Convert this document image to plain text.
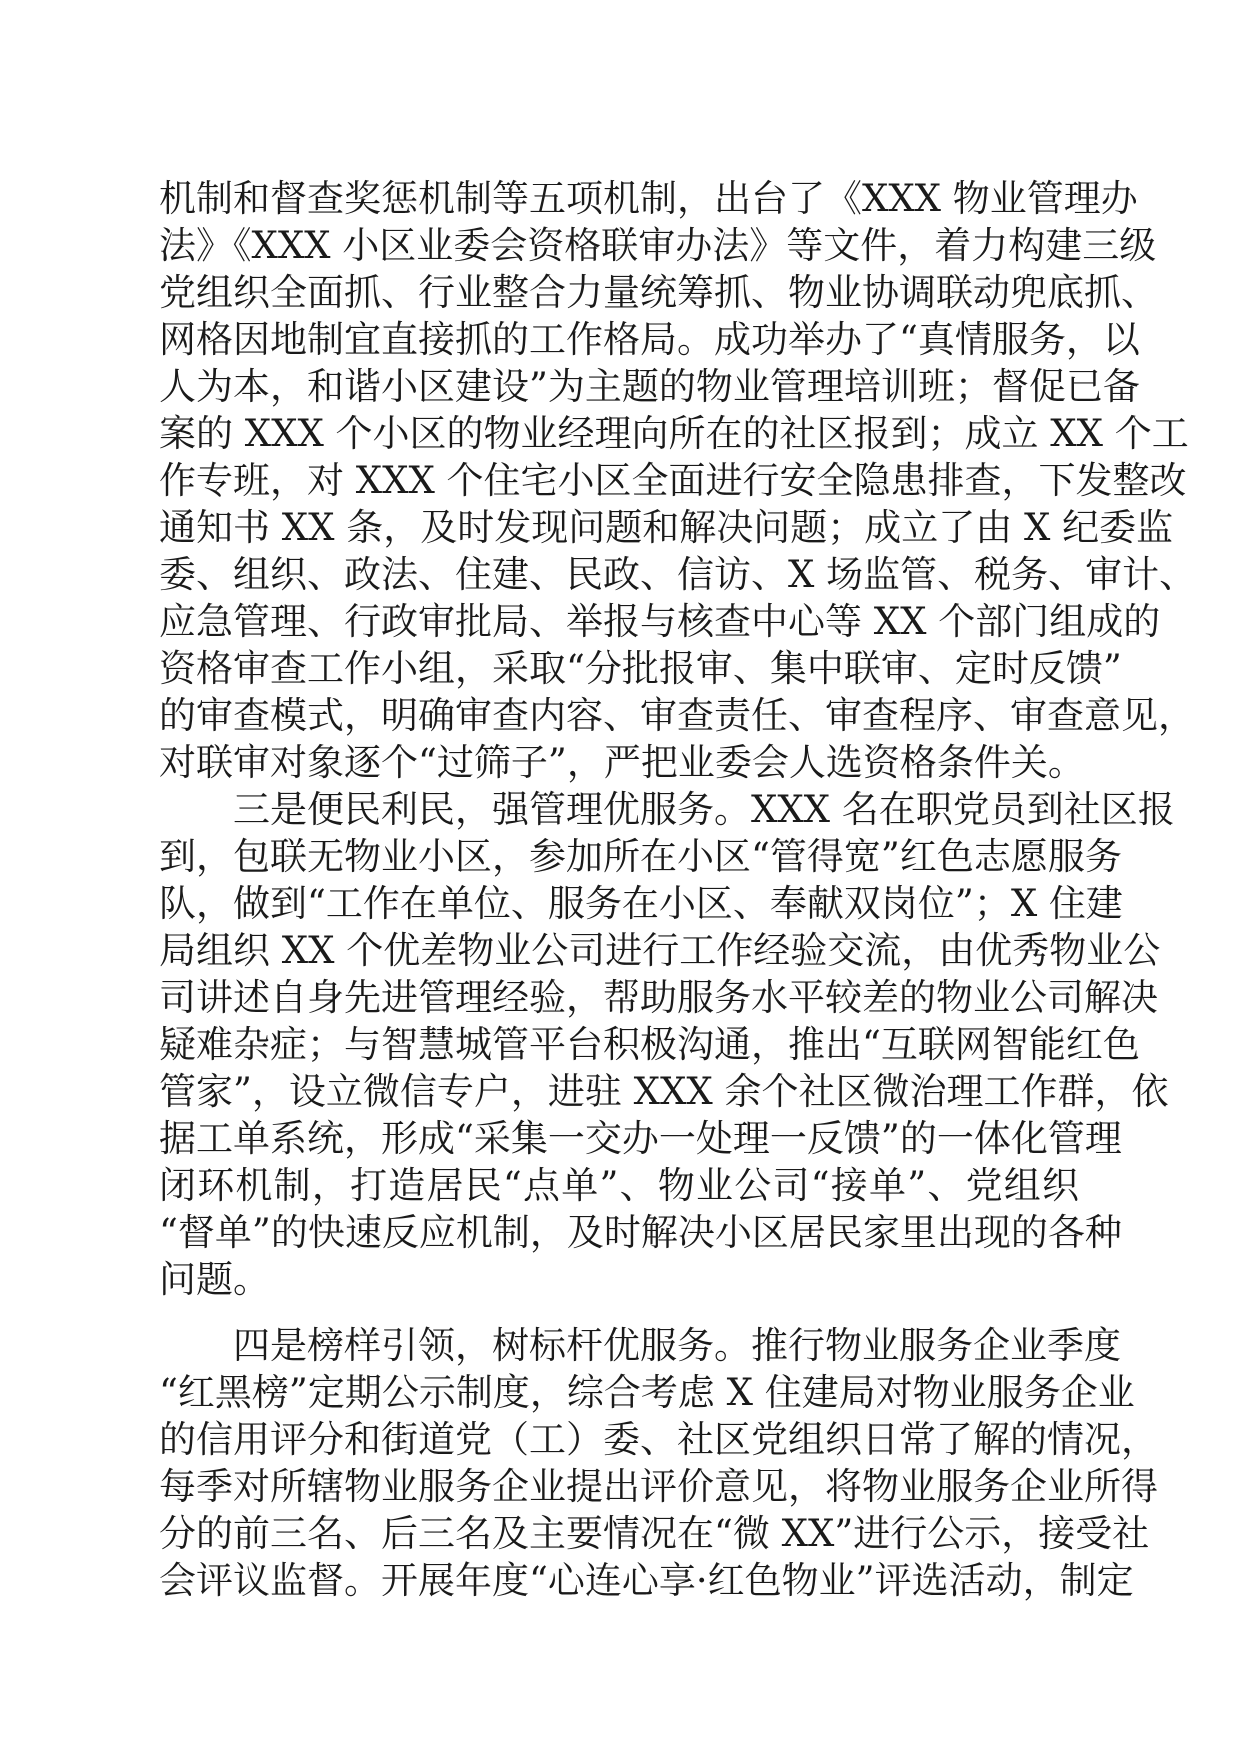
机制和督查奖惩机制等五项机制，出台了《XXX 物业管理办
法》《XXX 小区业委会资格联审办法》等文件，着力构建三级
党组织全面抓、行业整合力量统筹抓、物业协调联动兜底抓、
网格因地制宜直接抓的工作格局。成功举办了“真情服务，以
人为本，和谐小区建设”为主题的物业管理培训班；督促已备
案的 XXX 个小区的物业经理向所在的社区报到；成立 XX 个工
作专班，对 XXX 个住宅小区全面进行安全隐患排查，下发整改
通知书 XX 条，及时发现问题和解决问题；成立了由 X 纪委监
委、组织、政法、住建、民政、信访、X 场监管、税务、审计、
应急管理、行政审批局、举报与核查中心等 XX 个部门组成的
资格审查工作小组，采取“分批报审、集中联审、定时反馈”
的审查模式，明确审查内容、审查责任、审查程序、审查意见，
对联审对象逐个“过筛子”，严把业委会人选资格条件关。
　　三是便民利民，强管理优服务。XXX 名在职党员到社区报
到，包联无物业小区，参加所在小区“管得宽”红色志愿服务
队，做到“工作在单位、服务在小区、奉献双岗位”；X 住建
局组织 XX 个优差物业公司进行工作经验交流，由优秀物业公
司讲述自身先进管理经验，帮助服务水平较差的物业公司解决
疑难杂症；与智慧城管平台积极沟通，推出“互联网智能红色
管家”，设立微信专户，进驻 XXX 余个社区微治理工作群，依
据工单系统，形成“采集一交办一处理一反馈”的一体化管理
闭环机制，打造居民“点单”、物业公司“接单”、党组织
“督单”的快速反应机制，及时解决小区居民家里出现的各种
问题。
　　四是榜样引领，树标杆优服务。推行物业服务企业季度
“红黑榜”定期公示制度，综合考虑 X 住建局对物业服务企业
的信用评分和街道党（工）委、社区党组织日常了解的情况，
每季对所辖物业服务企业提出评价意见，将物业服务企业所得
分的前三名、后三名及主要情况在“微 XX”进行公示，接受社
会评议监督。开展年度“心连心享·红色物业”评选活动，制定
